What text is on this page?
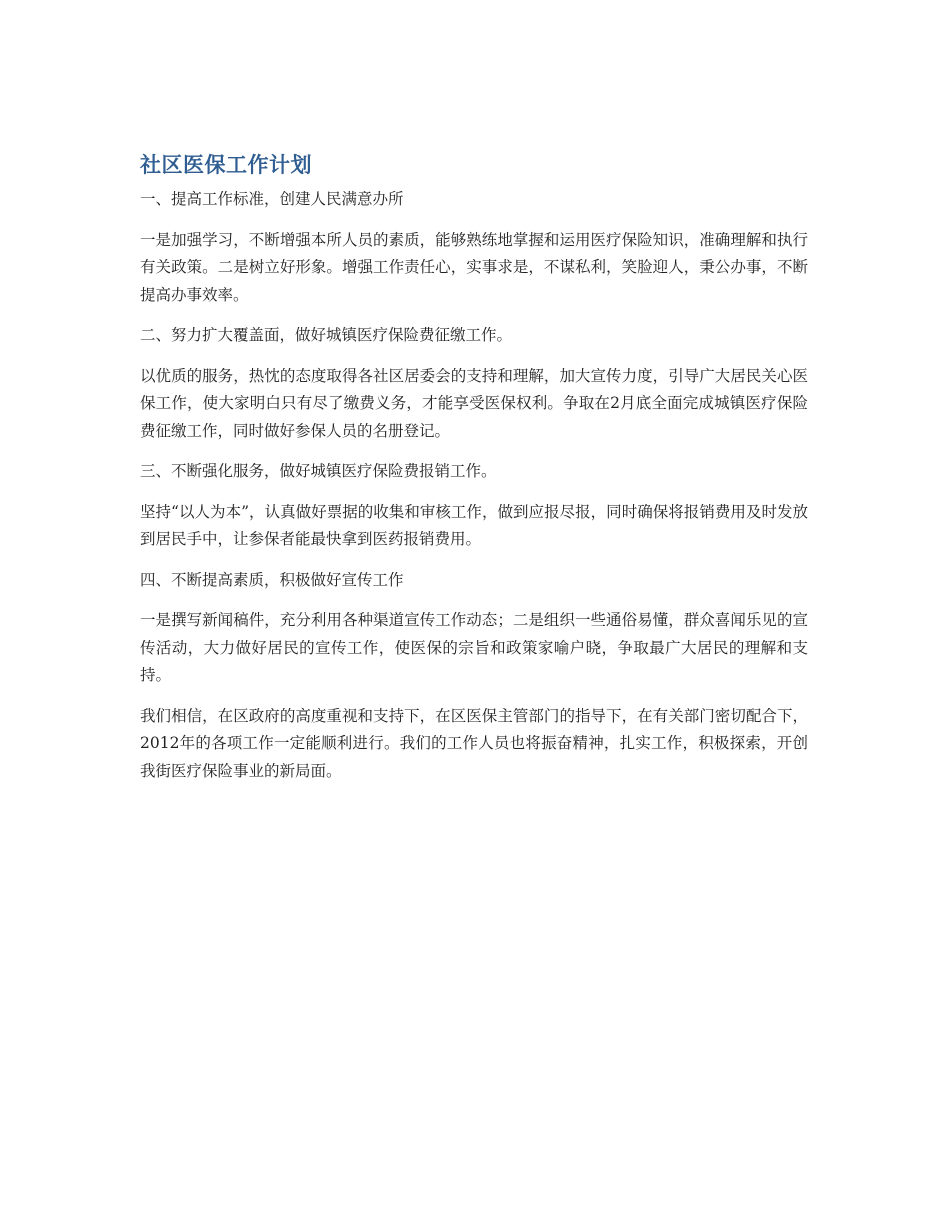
社区医保工作计划

一、提高工作标准，创建人民满意办所

一是加强学习，不断增强本所人员的素质，能够熟练地掌握和运用医疗保险知识，准确理解和执行有关政策。二是树立好形象。增强工作责任心，实事求是，不谋私利，笑脸迎人，秉公办事，不断提高办事效率。

二、努力扩大覆盖面，做好城镇医疗保险费征缴工作。

以优质的服务，热忱的态度取得各社区居委会的支持和理解，加大宣传力度，引导广大居民关心医保工作，使大家明白只有尽了缴费义务，才能享受医保权利。争取在2月底全面完成城镇医疗保险费征缴工作，同时做好参保人员的名册登记。

三、不断强化服务，做好城镇医疗保险费报销工作。

坚持“以人为本”，认真做好票据的收集和审核工作，做到应报尽报，同时确保将报销费用及时发放到居民手中，让参保者能最快拿到医药报销费用。

四、不断提高素质，积极做好宣传工作

一是撰写新闻稿件，充分利用各种渠道宣传工作动态；二是组织一些通俗易懂，群众喜闻乐见的宣传活动，大力做好居民的宣传工作，使医保的宗旨和政策家喻户晓，争取最广大居民的理解和支持。

我们相信，在区政府的高度重视和支持下，在区医保主管部门的指导下，在有关部门密切配合下，2012年的各项工作一定能顺利进行。我们的工作人员也将振奋精神，扎实工作，积极探索，开创我街医疗保险事业的新局面。
